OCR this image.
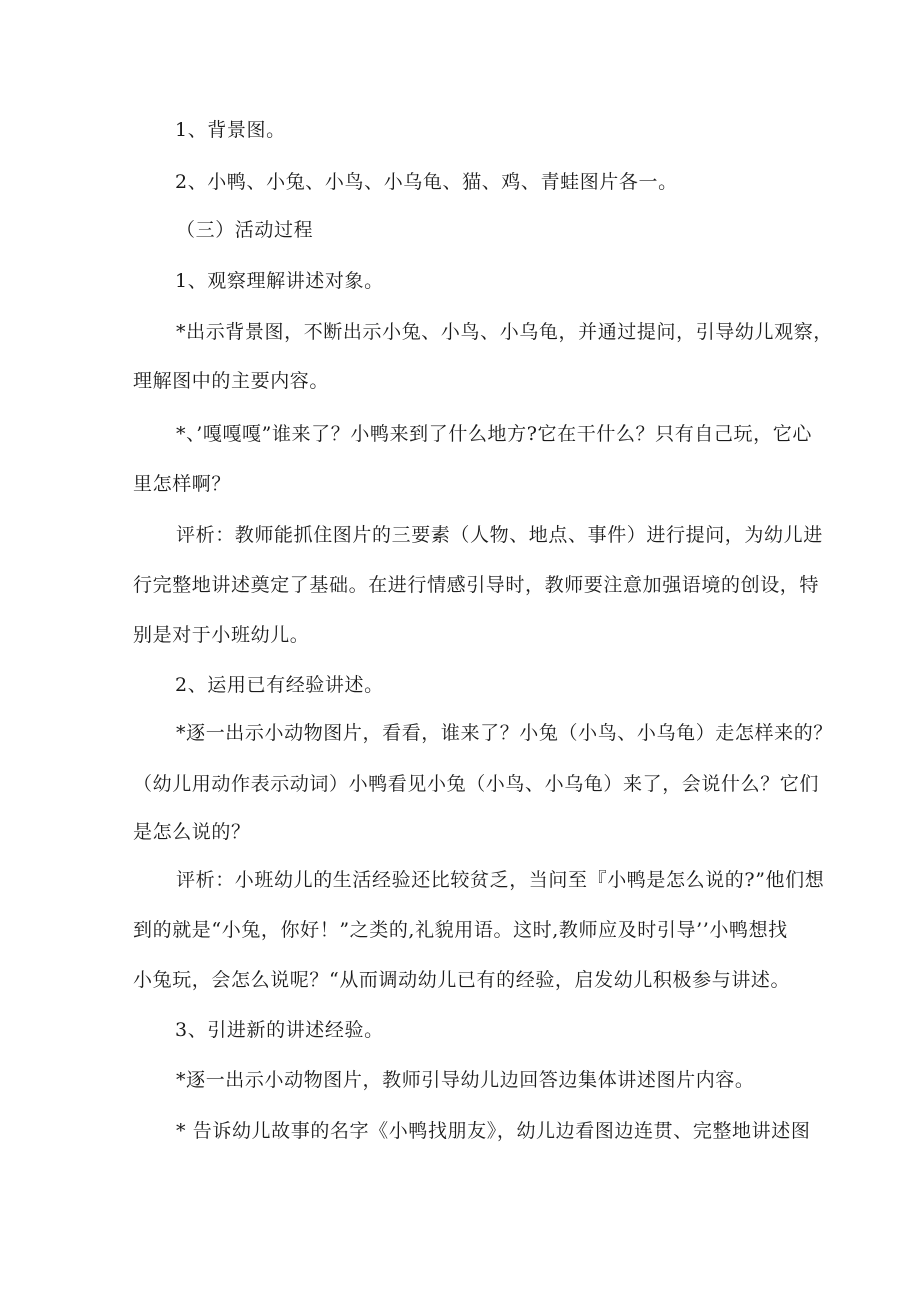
1、背景图。
2、小鸭、小兔、小鸟、小乌龟、猫、鸡、青蛙图片各一。
（三）活动过程
1、观察理解讲述对象。
*出示背景图，不断出示小兔、小鸟、小乌龟，并通过提问，引导幼儿观察，
理解图中的主要内容。
*、’嘎嘎嘎”谁来了？小鸭来到了什么地方?它在干什么？只有自己玩，它心
里怎样啊？
评析：教师能抓住图片的三要素（人物、地点、事件）进行提问，为幼儿进
行完整地讲述奠定了基础。在进行情感引导时，教师要注意加强语境的创设，特
别是对于小班幼儿。
2、运用已有经验讲述。
*逐一出示小动物图片，看看，谁来了？小兔（小鸟、小乌龟）走怎样来的？
（幼儿用动作表示动词）小鸭看见小兔（小鸟、小乌龟）来了，会说什么？它们
是怎么说的？
评析：小班幼儿的生活经验还比较贫乏，当问至『小鸭是怎么说的?”他们想
到的就是“小兔，你好！”之类的,礼貌用语。这时,教师应及时引导’’小鸭想找
小兔玩，会怎么说呢？“从而调动幼儿已有的经验，启发幼儿积极参与讲述。
3、引进新的讲述经验。
*逐一出示小动物图片，教师引导幼儿边回答边集体讲述图片内容。
* 告诉幼儿故事的名字《小鸭找朋友》，幼儿边看图边连贯、完整地讲述图
